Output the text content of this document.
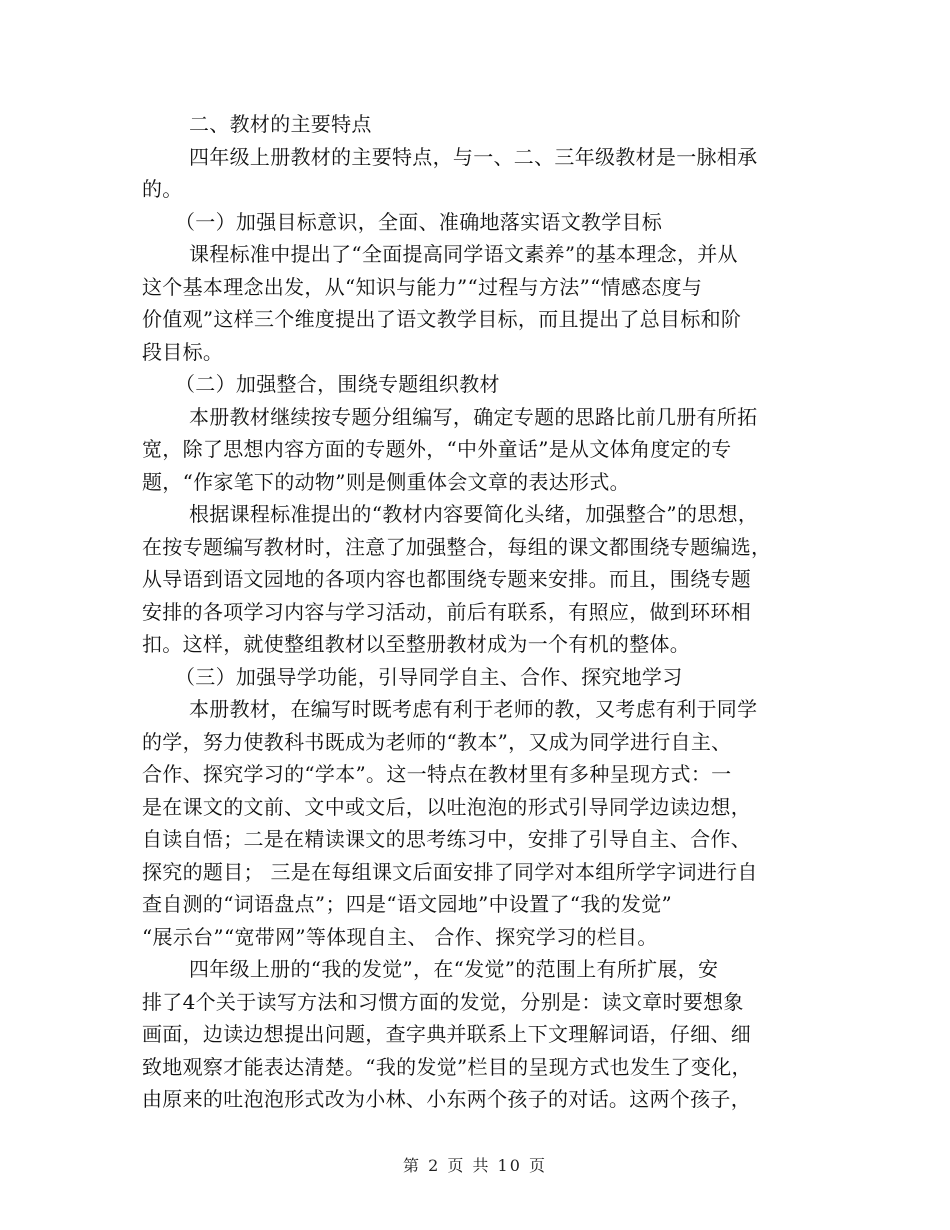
二、教材的主要特点
四年级上册教材的主要特点，与一、二、三年级教材是一脉相承
的。
（一）加强目标意识，全面、准确地落实语文教学目标
课程标准中提出了“全面提高同学语文素养”的基本理念，并从
这个基本理念出发，从“知识与能力”“过程与方法”“情感态度与
价值观”这样三个维度提出了语文教学目标，而且提出了总目标和阶
段目标。
（二）加强整合，围绕专题组织教材
本册教材继续按专题分组编写，确定专题的思路比前几册有所拓
宽，除了思想内容方面的专题外，“中外童话”是从文体角度定的专
题，“作家笔下的动物”则是侧重体会文章的表达形式。
根据课程标准提出的“教材内容要简化头绪，加强整合”的思想，
在按专题编写教材时，注意了加强整合，每组的课文都围绕专题编选，
从导语到语文园地的各项内容也都围绕专题来安排。而且，围绕专题
安排的各项学习内容与学习活动，前后有联系，有照应，做到环环相
扣。这样，就使整组教材以至整册教材成为一个有机的整体。
（三）加强导学功能，引导同学自主、合作、探究地学习
本册教材，在编写时既考虑有利于老师的教，又考虑有利于同学
的学，努力使教科书既成为老师的“教本”，又成为同学进行自主、
合作、探究学习的“学本”。这一特点在教材里有多种呈现方式：一
是在课文的文前、文中或文后，以吐泡泡的形式引导同学边读边想，
自读自悟；二是在精读课文的思考练习中，安排了引导自主、合作、
探究的题目； 三是在每组课文后面安排了同学对本组所学字词进行自
查自测的“词语盘点”；四是“语文园地”中设置了“我的发觉”
“展示台”“宽带网”等体现自主、 合作、探究学习的栏目。
四年级上册的“我的发觉”，在“发觉”的范围上有所扩展，安
排了4个关于读写方法和习惯方面的发觉，分别是：读文章时要想象
画面，边读边想提出问题，查字典并联系上下文理解词语，仔细、细
致地观察才能表达清楚。“我的发觉”栏目的呈现方式也发生了变化，
由原来的吐泡泡形式改为小林、小东两个孩子的对话。这两个孩子，
第 2 页 共 10 页
